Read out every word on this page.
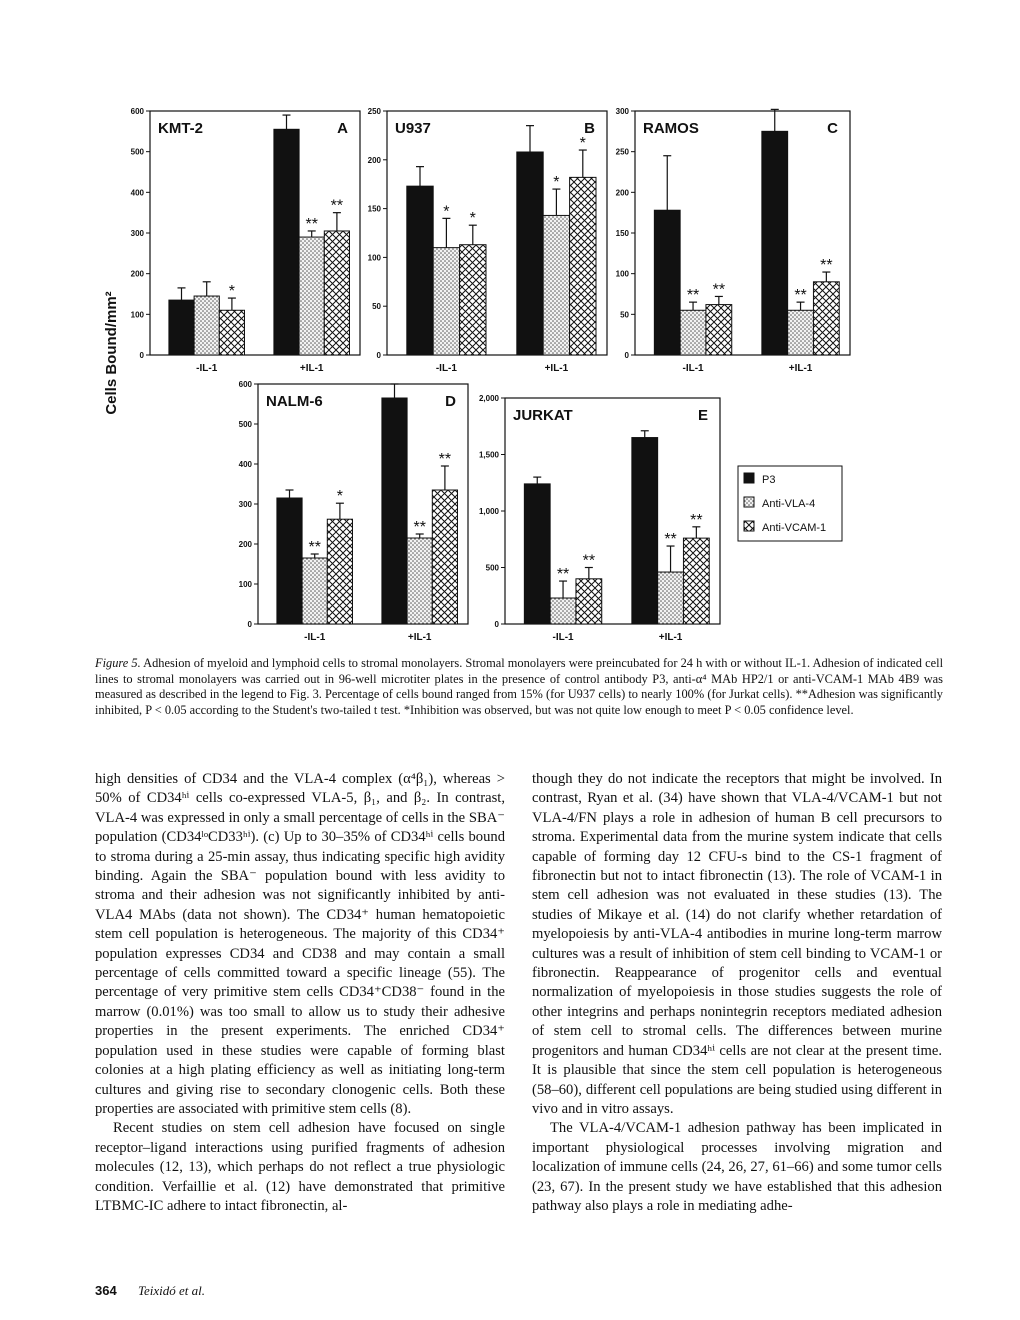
0
100
200
300
400
500
600
KMT-2	A
-IL-1	+IL-1
*
**
**
0
50
100
150
200
250
U937	B
-IL-1	+IL-1
* *
*
*
0
50
100
150
200
250
300
RAMOS	C
-IL-1	+IL-1
** **	**
**
0
100
200
300
400
500
600
NALM-6	D
-IL-1	+IL-1
**
*
**
**
0
500
1,000
1,500
2,000
JURKAT	E
-IL-1	+IL-1
**
**
**
**
Cells Bound/mm²
P3
Anti-VLA-4
Anti-VCAM-1
Figure 5. Adhesion of myeloid and lymphoid cells to stromal monolayers. Stromal monolayers were preincubated for 24 h with or without IL-1. Adhesion of indicated cell lines to stromal monolayers was carried out in 96-well microtiter plates in the presence of control antibody P3, anti-α⁴ MAb HP2/1 or anti-VCAM-1 MAb 4B9 was measured as described in the legend to Fig. 3. Percentage of cells bound ranged from 15% (for U937 cells) to nearly 100% (for Jurkat cells). **Adhesion was significantly inhibited, P < 0.05 according to the Student's two-tailed t test. *Inhibition was observed, but was not quite low enough to meet P < 0.05 confidence level.

high densities of CD34 and the VLA-4 complex (α⁴β₁), whereas > 50% of CD34ʰⁱ cells co-expressed VLA-5, β₁, and β₂. In contrast, VLA-4 was expressed in only a small percentage of cells in the SBA⁻ population (CD34ˡᵒCD33ʰⁱ). (c) Up to 30–35% of CD34ʰⁱ cells bound to stroma during a 25-min assay, thus indicating specific high avidity binding. Again the SBA⁻ population bound with less avidity to stroma and their adhesion was not significantly inhibited by anti-VLA4 MAbs (data not shown). The CD34⁺ human hematopoietic stem cell population is heterogeneous. The majority of this CD34⁺ population expresses CD34 and CD38 and may contain a small percentage of cells committed toward a specific lineage (55). The percentage of very primitive stem cells CD34⁺CD38⁻ found in the marrow (0.01%) was too small to allow us to study their adhesive properties in the present experiments. The enriched CD34⁺ population used in these studies were capable of forming blast colonies at a high plating efficiency as well as initiating long-term cultures and giving rise to secondary clonogenic cells. Both these properties are associated with primitive stem cells (8).

Recent studies on stem cell adhesion have focused on single receptor–ligand interactions using purified fragments of adhesion molecules (12, 13), which perhaps do not reflect a true physiologic condition. Verfaillie et al. (12) have demonstrated that primitive LTBMC-IC adhere to intact fibronectin, al-

though they do not indicate the receptors that might be involved. In contrast, Ryan et al. (34) have shown that VLA-4/VCAM-1 but not VLA-4/FN plays a role in adhesion of human B cell precursors to stroma. Experimental data from the murine system indicate that cells capable of forming day 12 CFU-s bind to the CS-1 fragment of fibronectin but not to intact fibronectin (13). The role of VCAM-1 in stem cell adhesion was not evaluated in these studies (13). The studies of Mikaye et al. (14) do not clarify whether retardation of myelopoiesis by anti-VLA-4 antibodies in murine long-term marrow cultures was a result of inhibition of stem cell binding to VCAM-1 or fibronectin. Reappearance of progenitor cells and eventual normalization of myelopoiesis in those studies suggests the role of other integrins and perhaps nonintegrin receptors mediated adhesion of stem cell to stromal cells. The differences between murine progenitors and human CD34ʰⁱ cells are not clear at the present time. It is plausible that since the stem cell population is heterogeneous (58–60), different cell populations are being studied using different in vivo and in vitro assays.

The VLA-4/VCAM-1 adhesion pathway has been implicated in important physiological processes involving migration and localization of immune cells (24, 26, 27, 61–66) and some tumor cells (23, 67). In the present study we have established that this adhesion pathway also plays a role in mediating adhe-

364 Teixidó et al.
